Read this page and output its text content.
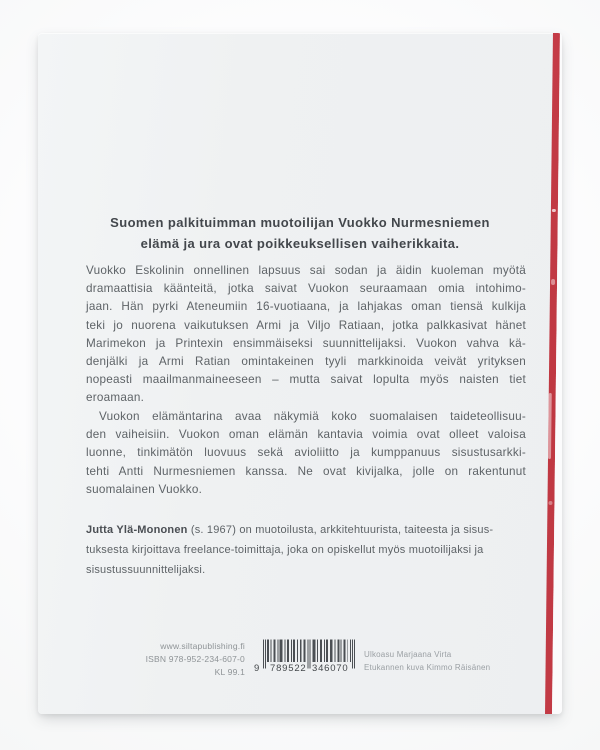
Suomen palkituimman muotoilijan Vuokko Nurmesniemen
elämä ja ura ovat poikkeuksellisen vaiherikkaita.
Vuokko Eskolinin onnellinen lapsuus sai sodan ja äidin kuoleman myötä
dramaattisia käänteitä, jotka saivat Vuokon seuraamaan omia intohimo-
jaan. Hän pyrki Ateneumiin 16-vuotiaana, ja lahjakas oman tiensä kulkija
teki jo nuorena vaikutuksen Armi ja Viljo Ratiaan, jotka palkkasivat hänet
Marimekon ja Printexin ensimmäiseksi suunnittelijaksi. Vuokon vahva kä-
denjälki ja Armi Ratian omintakeinen tyyli markkinoida veivät yrityksen
nopeasti maailmanmaineeseen – mutta saivat lopulta myös naisten tiet
eroamaan.
Vuokon elämäntarina avaa näkymiä koko suomalaisen taideteollisuu-
den vaiheisiin. Vuokon oman elämän kantavia voimia ovat olleet valoisa
luonne, tinkimätön luovuus sekä avioliitto ja kumppanuus sisustusarkki-
tehti Antti Nurmesniemen kanssa. Ne ovat kivijalka, jolle on rakentunut
suomalainen Vuokko.
Jutta Ylä-Mononen (s. 1967) on muotoilusta, arkkitehtuurista, taiteesta ja sisus-
tuksesta kirjoittava freelance-toimittaja, joka on opiskellut myös muotoilijaksi ja
sisustussuunnittelijaksi.
www.siltapublishing.fi
ISBN 978-952-234-607-0
KL 99.1 9 789522 346070
Ulkoasu Marjaana Virta
Etukannen kuva Kimmo Räisänen
